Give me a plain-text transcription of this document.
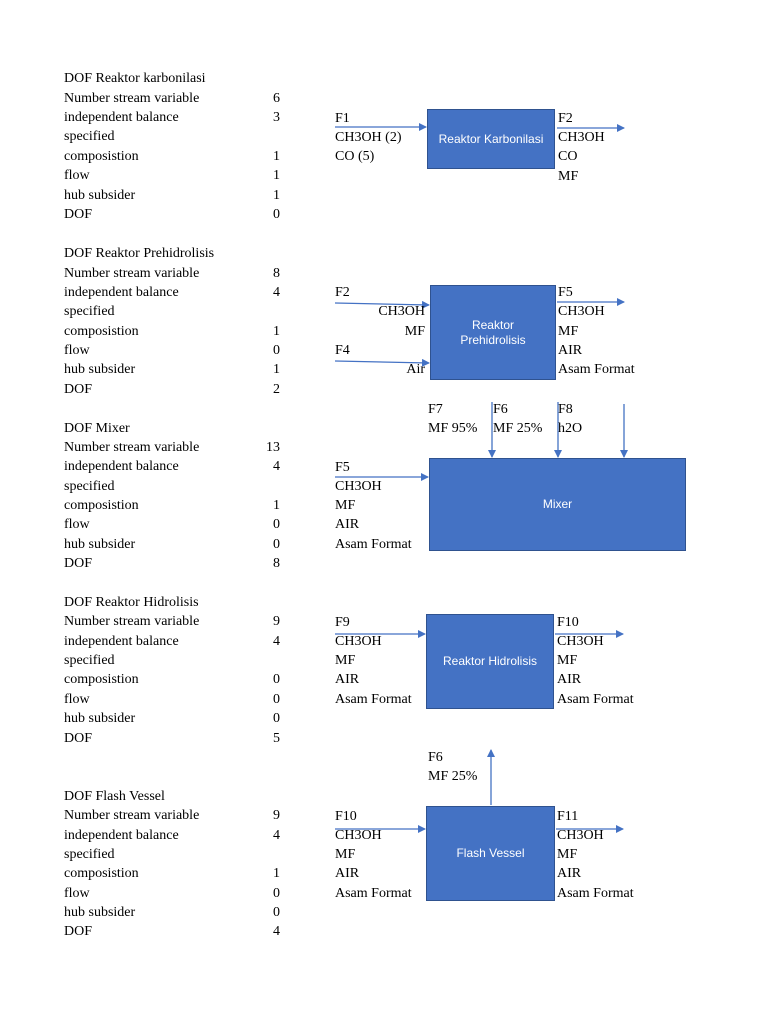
DOF Reaktor karbonilasi
Number stream variable	6
independent balance	3
specified
composistion	1
flow	1
hub subsider	1
DOF	0
DOF Reaktor Prehidrolisis
Number stream variable	8
independent balance	4
specified
composistion	1
flow	0
hub subsider	1
DOF	2
DOF Mixer
Number stream variable	13
independent balance	4
specified
composistion	1
flow	0
hub subsider	0
DOF	8
DOF Reaktor Hidrolisis
Number stream variable	9
independent balance	4
specified
composistion	0
flow	0
hub subsider	0
DOF	5
DOF Flash Vessel
Number stream variable	9
independent balance	4
specified
composistion	1
flow	0
hub subsider	0
DOF	4
Reaktor Karbonilasi
Reaktor
Prehidrolisis
Mixer
Reaktor Hidrolisis
Flash Vessel
F1
CH3OH (2)
CO (5)
F2
CH3OH
CO
MF
F2
CH3OH
MF
F4
Air
F5
CH3OH
MF
AIR
Asam Format
F7
MF 95%
F6
MF 25%
F8
h2O
F5
CH3OH
MF
AIR
Asam Format
F9
CH3OH
MF
AIR
Asam Format
F10
CH3OH
MF
AIR
Asam Format
F6
MF 25%
F10
CH3OH
MF
AIR
Asam Format
F11
CH3OH
MF
AIR
Asam Format
